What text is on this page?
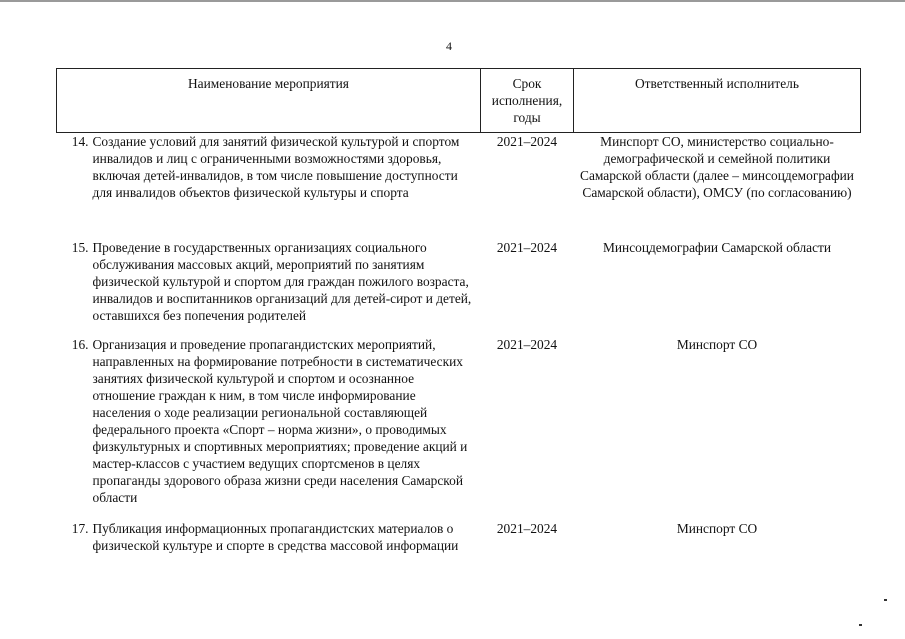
4
Наименование мероприятия	Срок исполнения, годы	Ответственный исполнитель

14. Создание условий для занятий физической культурой и спортом инвалидов и лиц с ограниченными возможностями здоровья, включая детей-инвалидов, в том числе повышение доступности для инвалидов объектов физической культуры и спорта	2021–2024	Минспорт СО, министерство социально-демографической и семейной политики Самарской области (далее – минсоцдемографии Самарской области), ОМСУ (по согласованию)

15. Проведение в государственных организациях социального обслуживания массовых акций, мероприятий по занятиям физической культурой и спортом для граждан пожилого возраста, инвалидов и воспитанников организаций для детей-сирот и детей, оставшихся без попечения родителей	2021–2024	Минсоцдемографии Самарской области

16. Организация и проведение пропагандистских мероприятий, направленных на формирование потребности в систематических занятиях физической культурой и спортом и осознанное отношение граждан к ним, в том числе информирование населения о ходе реализации региональной составляющей федерального проекта «Спорт – норма жизни», о проводимых физкультурных и спортивных мероприятиях; проведение акций и мастер-классов с участием ведущих спортсменов в целях пропаганды здорового образа жизни среди населения Самарской области	2021–2024	Минспорт СО

17. Публикация информационных пропагандистских материалов о физической культуре и спорте в средства массовой информации	2021–2024	Минспорт СО
